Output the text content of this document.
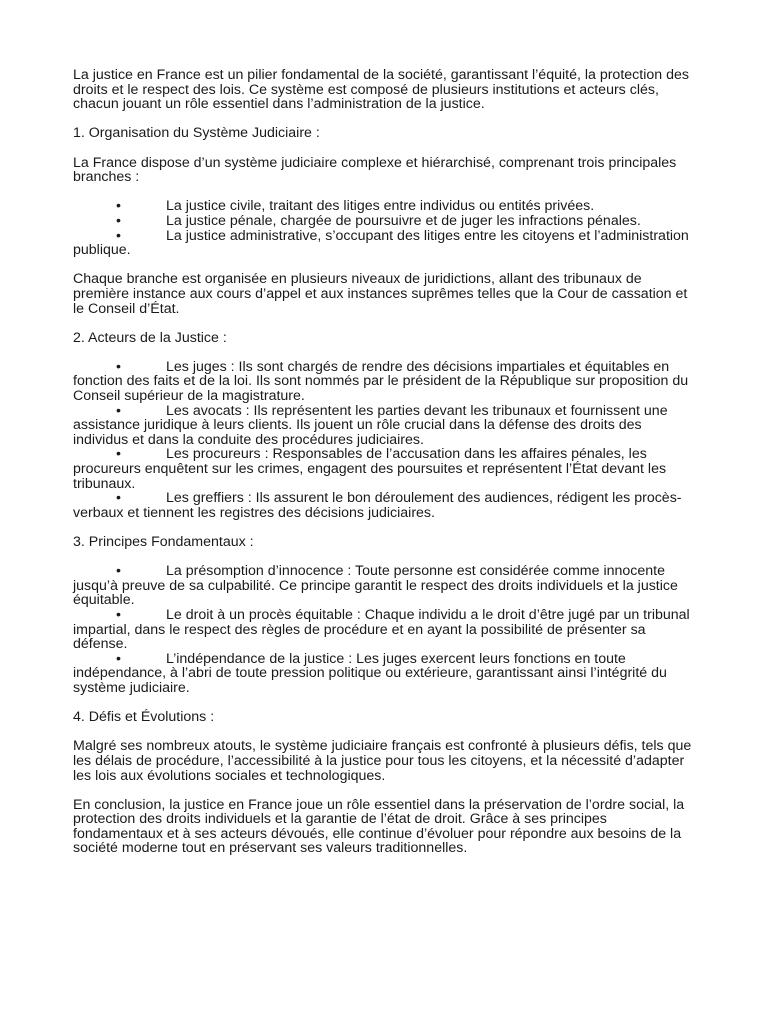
La justice en France est un pilier fondamental de la société, garantissant l’équité, la protection des droits et le respect des lois. Ce système est composé de plusieurs institutions et acteurs clés, chacun jouant un rôle essentiel dans l’administration de la justice.

1. Organisation du Système Judiciaire :

La France dispose d’un système judiciaire complexe et hiérarchisé, comprenant trois principales branches :

•	La justice civile, traitant des litiges entre individus ou entités privées.

•	La justice pénale, chargée de poursuivre et de juger les infractions pénales.

•	La justice administrative, s’occupant des litiges entre les citoyens et l’administration publique.

Chaque branche est organisée en plusieurs niveaux de juridictions, allant des tribunaux de première instance aux cours d’appel et aux instances suprêmes telles que la Cour de cassation et le Conseil d’État.

2. Acteurs de la Justice :

•	Les juges : Ils sont chargés de rendre des décisions impartiales et équitables en fonction des faits et de la loi. Ils sont nommés par le président de la République sur proposition du Conseil supérieur de la magistrature.

•	Les avocats : Ils représentent les parties devant les tribunaux et fournissent une assistance juridique à leurs clients. Ils jouent un rôle crucial dans la défense des droits des individus et dans la conduite des procédures judiciaires.

•	Les procureurs : Responsables de l’accusation dans les affaires pénales, les procureurs enquêtent sur les crimes, engagent des poursuites et représentent l’État devant les tribunaux.

•	Les greffiers : Ils assurent le bon déroulement des audiences, rédigent les procès-verbaux et tiennent les registres des décisions judiciaires.

3. Principes Fondamentaux :

•	La présomption d’innocence : Toute personne est considérée comme innocente jusqu’à preuve de sa culpabilité. Ce principe garantit le respect des droits individuels et la justice équitable.

•	Le droit à un procès équitable : Chaque individu a le droit d’être jugé par un tribunal impartial, dans le respect des règles de procédure et en ayant la possibilité de présenter sa défense.

•	L’indépendance de la justice : Les juges exercent leurs fonctions en toute indépendance, à l’abri de toute pression politique ou extérieure, garantissant ainsi l’intégrité du système judiciaire.

4. Défis et Évolutions :

Malgré ses nombreux atouts, le système judiciaire français est confronté à plusieurs défis, tels que les délais de procédure, l’accessibilité à la justice pour tous les citoyens, et la nécessité d’adapter les lois aux évolutions sociales et technologiques.

En conclusion, la justice en France joue un rôle essentiel dans la préservation de l’ordre social, la protection des droits individuels et la garantie de l’état de droit. Grâce à ses principes fondamentaux et à ses acteurs dévoués, elle continue d’évoluer pour répondre aux besoins de la société moderne tout en préservant ses valeurs traditionnelles.
